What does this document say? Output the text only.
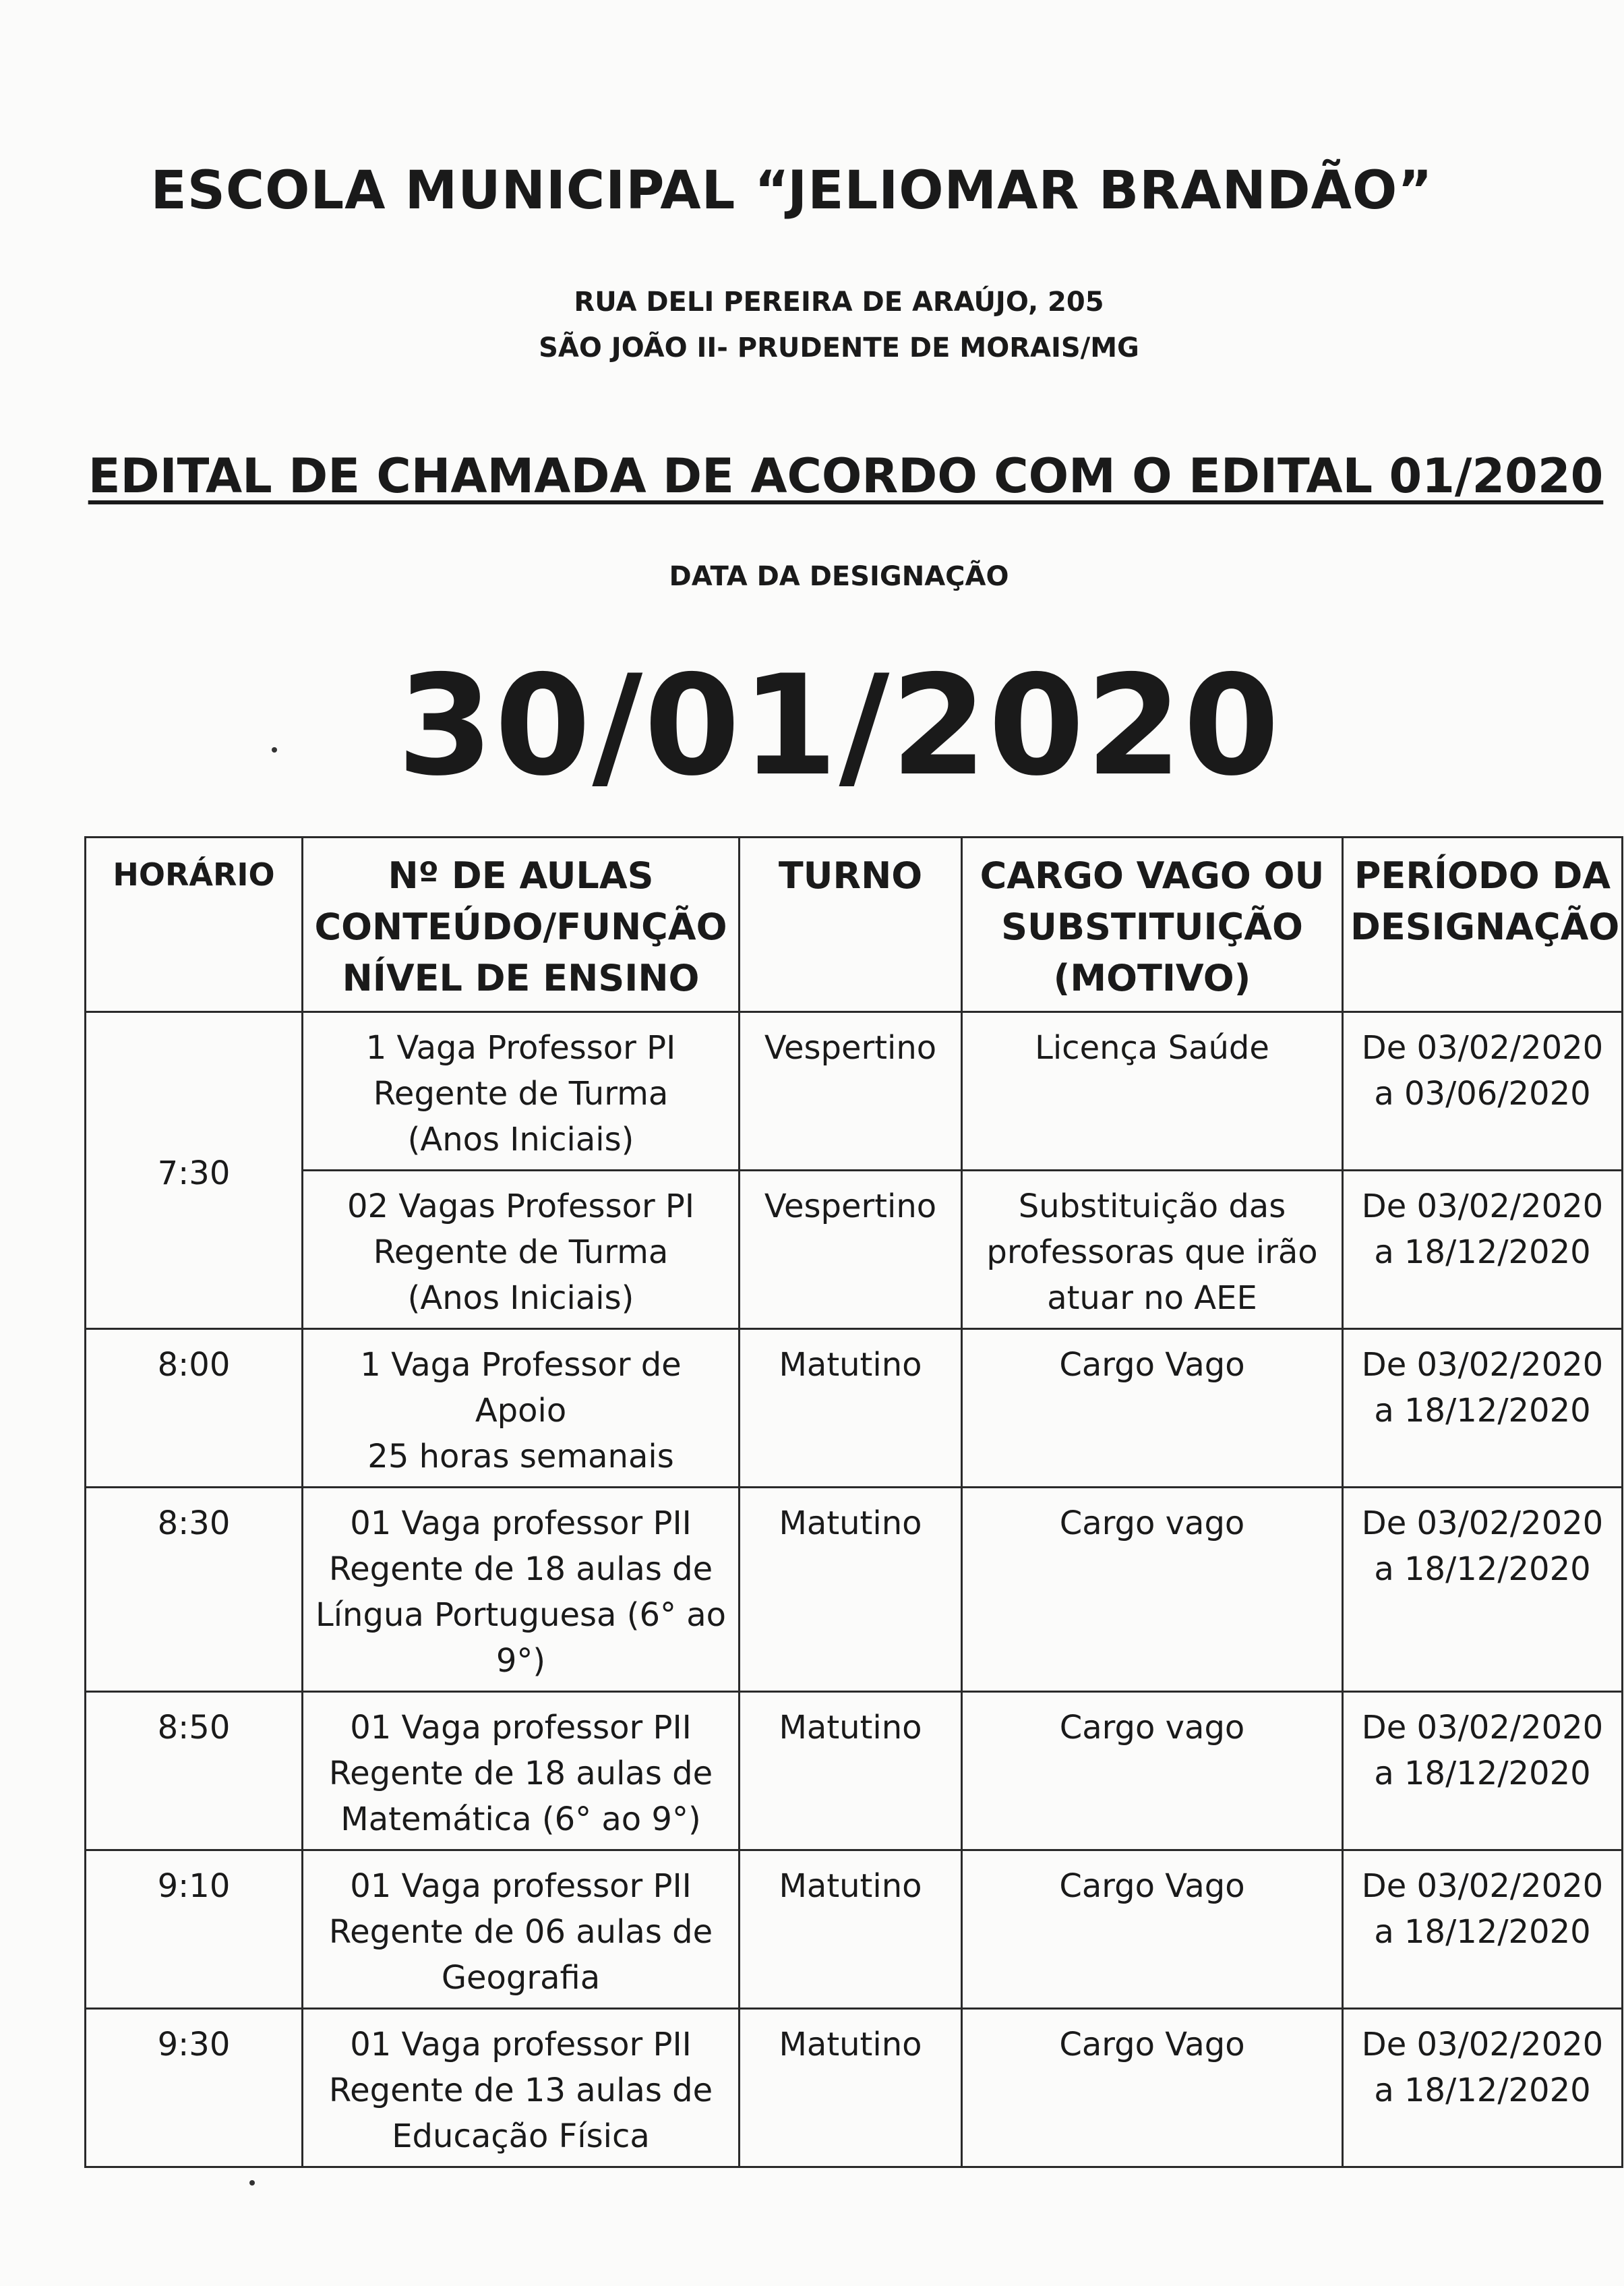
ESCOLA MUNICIPAL “JELIOMAR BRANDÃO”
RUA DELI PEREIRA DE ARAÚJO, 205
SÃO JOÃO II- PRUDENTE DE MORAIS/MG
EDITAL DE CHAMADA DE ACORDO COM O EDITAL 01/2020
DATA DA DESIGNAÇÃO
30/01/2020
HORÁRIO	Nº DE AULAS
CONTEÚDO/FUNÇÃO
NÍVEL DE ENSINO	TURNO	CARGO VAGO OU
SUBSTITUIÇÃO
(MOTIVO)	PERÍODO DA
DESIGNAÇÃO
7:30	1 Vaga Professor PI
Regente de Turma
(Anos Iniciais)	Vespertino	Licença Saúde	De 03/02/2020
a 03/06/2020
	02 Vagas Professor PI
Regente de Turma
(Anos Iniciais)	Vespertino	Substituição das
professoras que irão
atuar no AEE	De 03/02/2020
a 18/12/2020
8:00	1 Vaga Professor de
Apoio
25 horas semanais	Matutino	Cargo Vago	De 03/02/2020
a 18/12/2020
8:30	01 Vaga professor PII
Regente de 18 aulas de
Língua Portuguesa (6° ao
9°)	Matutino	Cargo vago	De 03/02/2020
a 18/12/2020
8:50	01 Vaga professor PII
Regente de 18 aulas de
Matemática (6° ao 9°)	Matutino	Cargo vago	De 03/02/2020
a 18/12/2020
9:10	01 Vaga professor PII
Regente de 06 aulas de
Geografia	Matutino	Cargo Vago	De 03/02/2020
a 18/12/2020
9:30	01 Vaga professor PII
Regente de 13 aulas de
Educação Física	Matutino	Cargo Vago	De 03/02/2020
a 18/12/2020
